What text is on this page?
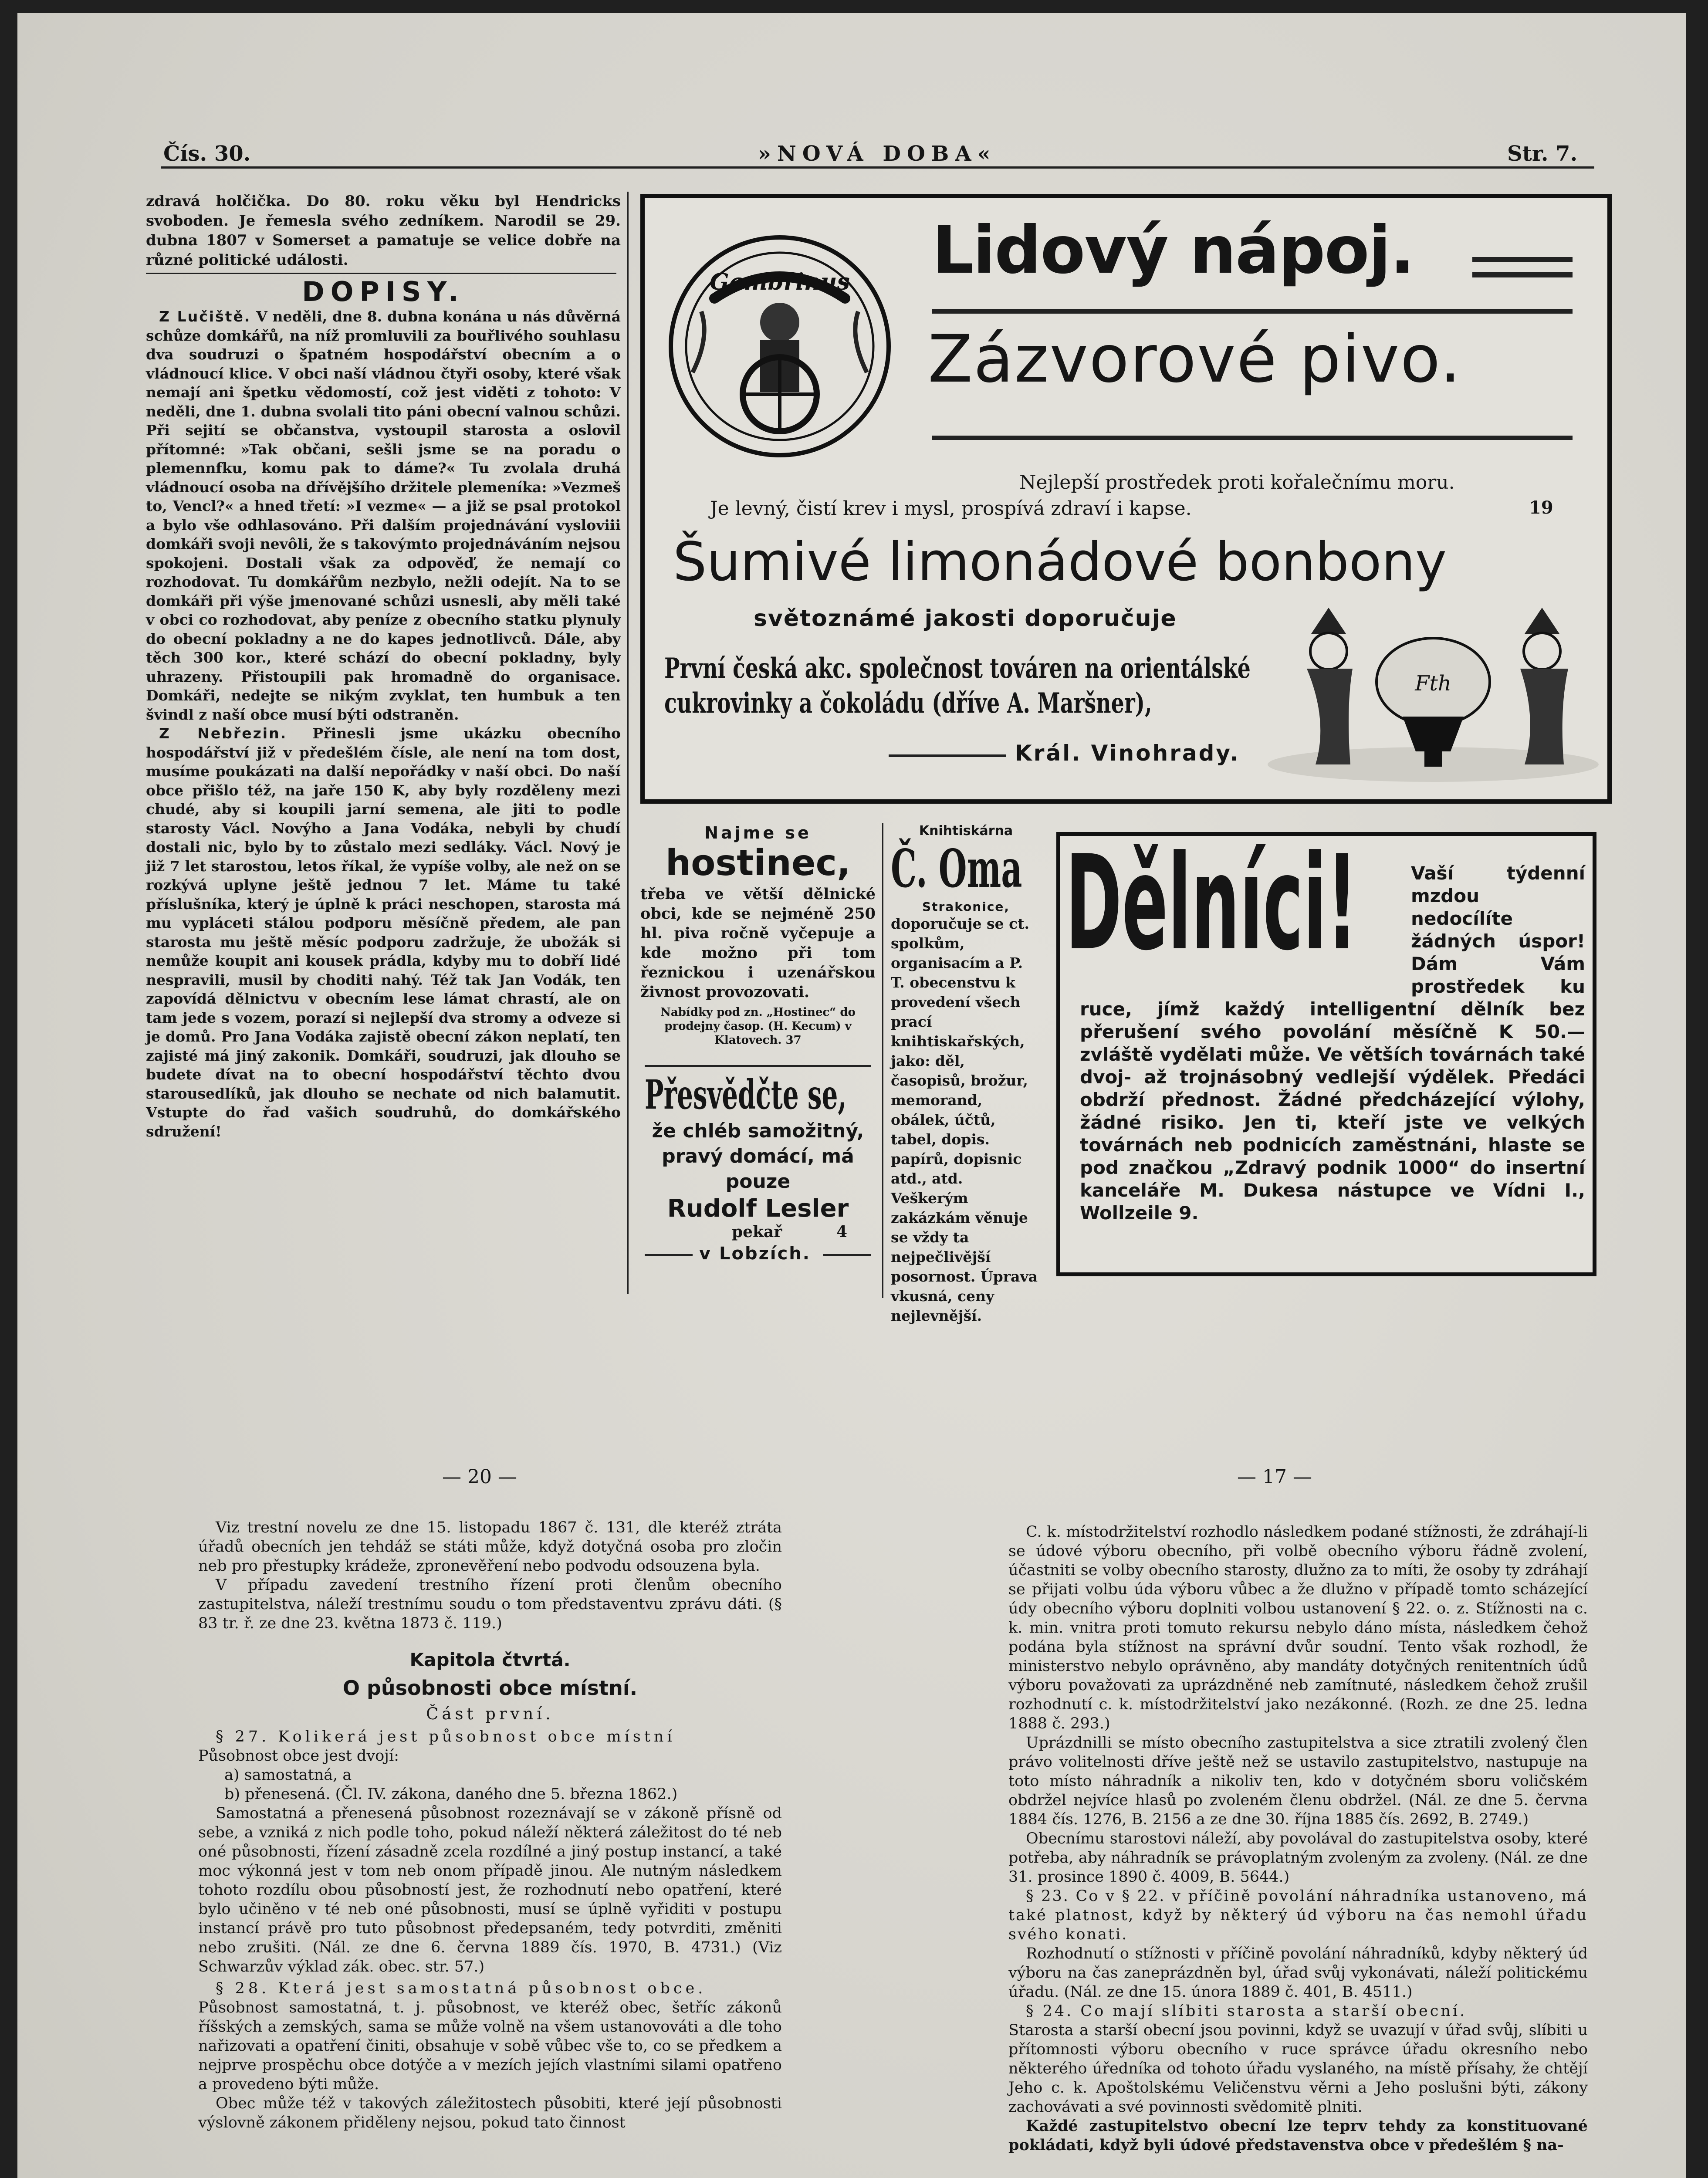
Čís. 30.	»NOVÁ DOBA«	Str. 7.

zdravá holčička. Do 80. roku věku byl Hendricks svoboden. Je řemesla svého zedníkem. Narodil se 29. dubna 1807 v Somerset a pamatuje se velice dobře na různé politické události.

DOPISY.

Z Lučiště. V neděli, dne 8. dubna konána u nás důvěrná schůze domkářů, na níž promluvili za bouřlivého souhlasu dva soudruzi o špatném hospodářství obecním a o vládnoucí klice. V obci naší vládnou čtyři osoby, které však nemají ani špetku vědomostí, což jest viděti z tohoto: V neděli, dne 1. dubna svolali tito páni obecní valnou schůzi. Při sejití se občanstva, vystoupil starosta a oslovil přítomné: »Tak občani, sešli jsme se na poradu o plemennfku, komu pak to dáme?« Tu zvolala druhá vládnoucí osoba na dřívějšího držitele plemeníka: »Vezmeš to, Vencl?« a hned třetí: »I vezme« — a již se psal protokol a bylo vše odhlasováno. Při dalším projednávání vysloviii domkáři svoji nevôli, že s takovýmto projednáváním nejsou spokojeni. Dostali však za odpověď, že nemají co rozhodovat. Tu domkářům nezbylo, nežli odejít. Na to se domkáři při výše jmenované schůzi usnesli, aby měli také v obci co rozhodovat, aby peníze z obecního statku plynuly do obecní pokladny a ne do kapes jednotlivců. Dále, aby těch 300 kor., které schází do obecní pokladny, byly uhrazeny. Přistoupili pak hromadně do organisace. Domkáři, nedejte se nikým zvyklat, ten humbuk a ten švindl z naší obce musí býti odstraněn.

Z Nebřezin. Přinesli jsme ukázku obecního hospodářství již v předešlém čísle, ale není na tom dost, musíme poukázati na další nepořádky v naší obci. Do naší obce přišlo též, na jaře 150 K, aby byly rozděleny mezi chudé, aby si koupili jarní semena, ale jiti to podle starosty Václ. Novýho a Jana Vodáka, nebyli by chudí dostali nic, bylo by to zůstalo mezi sedláky. Václ. Nový je již 7 let starostou, letos říkal, že vypíše volby, ale než on se rozkývá uplyne ještě jednou 7 let. Máme tu také příslušníka, který je úplně k práci neschopen, starosta má mu vypláceti stálou podporu měsíčně předem, ale pan starosta mu ještě měsíc podporu zadržuje, že ubožák si nemůže koupit ani kousek prádla, kdyby mu to dobří lidé nespravili, musil by choditi nahý. Též tak Jan Vodák, ten zapovídá dělnictvu v obecním lese lámat chrastí, ale on tam jede s vozem, porazí si nejlepší dva stromy a odveze si je domů. Pro Jana Vodáka zajistě obecní zákon neplatí, ten zajisté má jiný zakonik. Domkáři, soudruzi, jak dlouho se budete dívat na to obecní hospodářství těchto dvou starousedlíků, jak dlouho se nechate od nich balamutit. Vstupte do řad vašich soudruhů, do domkářského sdružení!

Gambrinus Lidový nápoj.
Zázvorové pivo.
Nejlepší prostředek proti kořalečnímu moru.
Je levný, čistí krev i mysl, prospívá zdraví i kapse.	19
Šumivé limonádové bonbony
světoznámé jakosti doporučuje
První česká akc. společnost továren na orientálské
cukrovinky a čokoládu (dříve A. Maršner),
Král. Vinohrady.
Fth
Najme se
hostinec,

třeba ve větší dělnické obci, kde se nejméně 250 hl. piva ročně vyčepuje a kde možno při tom řeznickou i uzenářskou živnost provozovati.

Nabídky pod zn. „Hostinec“ do prodejny časop. (H. Kecum) v Klatovech. 37

Přesvědčte se,

že chléb samožitný, pravý domácí, má pouze

Rudolf Lesler
pekař	4
v Lobzích.
Knihtiskárna
Č. Oma
Strakonice,

doporučuje se ct. spolkům, organisacím a P. T. obecenstvu k provedení všech prací knihtiskařských, jako: děl, časopisů, brožur, memorand, obálek, účtů, tabel, dopis. papírů, dopisnic atd., atd. Veškerým zakázkám věnuje se vždy ta nejpečlivější posornost. Úprava vkusná, ceny nejlevnější.

Dělníci!	Vaší týdenní mzdou nedocílíte žádných úspor! Dám Vám prostředek ku ruce, jímž každý intelligentní dělník bez přerušení svého povolání měsíčně K 50.— zvláště vydělati může. Ve větších továrnách také dvoj- až trojnásobný vedlejší výdělek. Předáci obdrží přednost. Žádné předcházející výlohy, žádné risiko. Jen ti, kteří jste ve velkých továrnách neb podnicích zaměstnáni, hlaste se pod značkou „Zdravý podnik 1000“ do insertní kanceláře M. Dukesa nástupce ve Vídni I., Wollzeile 9.
— 20 —	— 17 —

Viz trestní novelu ze dne 15. listopadu 1867 č. 131, dle kteréž ztráta úřadů obecních jen tehdáž se státi může, když dotyčná osoba pro zločin neb pro přestupky krádeže, zpronevěření nebo podvodu odsouzena byla.

V případu zavedení trestního řízení proti členům obecního zastupitelstva, náleží trestnímu soudu o tom představentvu zprávu dáti. (§ 83 tr. ř. ze dne 23. května 1873 č. 119.)

Kapitola čtvrtá.
O působnosti obce místní.
Část první.

§ 27. Kolikerá jest působnost obce místní

Působnost obce jest dvojí:

a) samostatná, a

b) přenesená. (Čl. IV. zákona, daného dne 5. března 1862.)

Samostatná a přenesená působnost rozeznávají se v zákoně přísně od sebe, a vzniká z nich podle toho, pokud náleží některá záležitost do té neb oné působnosti, řízení zásadně zcela rozdílné a jiný postup instancí, a také moc výkonná jest v tom neb onom případě jinou. Ale nutným následkem tohoto rozdílu obou působností jest, že rozhodnutí nebo opatření, které bylo učiněno v té neb oné působnosti, musí se úplně vyřiditi v postupu instancí právě pro tuto působnost předepsaném, tedy potvrditi, změniti nebo zrušiti. (Nál. ze dne 6. června 1889 čís. 1970, B. 4731.) (Viz Schwarzův výklad zák. obec. str. 57.)

§ 28. Která jest samostatná působnost obce.

Působnost samostatná, t. j. působnost, ve kteréž obec, šetříc zákonů říšských a zemských, sama se může volně na všem ustanovováti a dle toho nařizovati a opatření činiti, obsahuje v sobě vůbec vše to, co se předkem a nejprve prospěchu obce dotýče a v mezích jejích vlastními silami opatřeno a provedeno býti může.

Obec může též v takových záležitostech působiti, které její působnosti výslovně zákonem přiděleny nejsou, pokud tato činnost

C. k. místodržitelství rozhodlo následkem podané stížnosti, že zdráhají-li se údové výboru obecního, při volbě obecního výboru řádně zvolení, účastniti se volby obecního starosty, dlužno za to míti, že osoby ty zdráhají se přijati volbu úda výboru vůbec a že dlužno v případě tomto scházející údy obecního výboru doplniti volbou ustanovení § 22. o. z. Stížnosti na c. k. min. vnitra proti tomuto rekursu nebylo dáno místa, následkem čehož podána byla stížnost na správní dvůr soudní. Tento však rozhodl, že ministerstvo nebylo oprávněno, aby mandáty dotyčných renitentních údů výboru považovati za uprázdněné neb zamítnuté, následkem čehož zrušil rozhodnutí c. k. místodržitelství jako nezákonné. (Rozh. ze dne 25. ledna 1888 č. 293.)

Uprázdnilli se místo obecního zastupitelstva a sice ztratili zvolený člen právo volitelnosti dříve ještě než se ustavilo zastupitelstvo, nastupuje na toto místo náhradník a nikoliv ten, kdo v dotyčném sboru voličském obdržel nejvíce hlasů po zvoleném členu obdržel. (Nál. ze dne 5. června 1884 čís. 1276, B. 2156 a ze dne 30. října 1885 čís. 2692, B. 2749.)

Obecnímu starostovi náleží, aby povolával do zastupitelstva osoby, které potřeba, aby náhradník se právoplatným zvoleným za zvoleny. (Nál. ze dne 31. prosince 1890 č. 4009, B. 5644.)

§ 23. Co v § 22. v příčině povolání náhradníka ustanoveno, má také platnost, když by některý úd výboru na čas nemohl úřadu svého konati.

Rozhodnutí o stížnosti v příčině povolání náhradníků, kdyby některý úd výboru na čas zaneprázdněn byl, úřad svůj vykonávati, náleží politickému úřadu. (Nál. ze dne 15. února 1889 č. 401, B. 4511.)

§ 24. Co mají slíbiti starosta a starší obecní.

Starosta a starší obecní jsou povinni, když se uvazují v úřad svůj, slíbiti u přítomnosti výboru obecního v ruce správce úřadu okresního nebo některého úředníka od tohoto úřadu vyslaného, na místě přísahy, že chtějí Jeho c. k. Apoštolskému Veličenstvu věrni a Jeho poslušni býti, zákony zachovávati a své povinnosti svědomitě plniti.

Každé zastupitelstvo obecní lze teprv tehdy za konstituované pokládati, když byli údové představenstva obce v předešlém § na-
